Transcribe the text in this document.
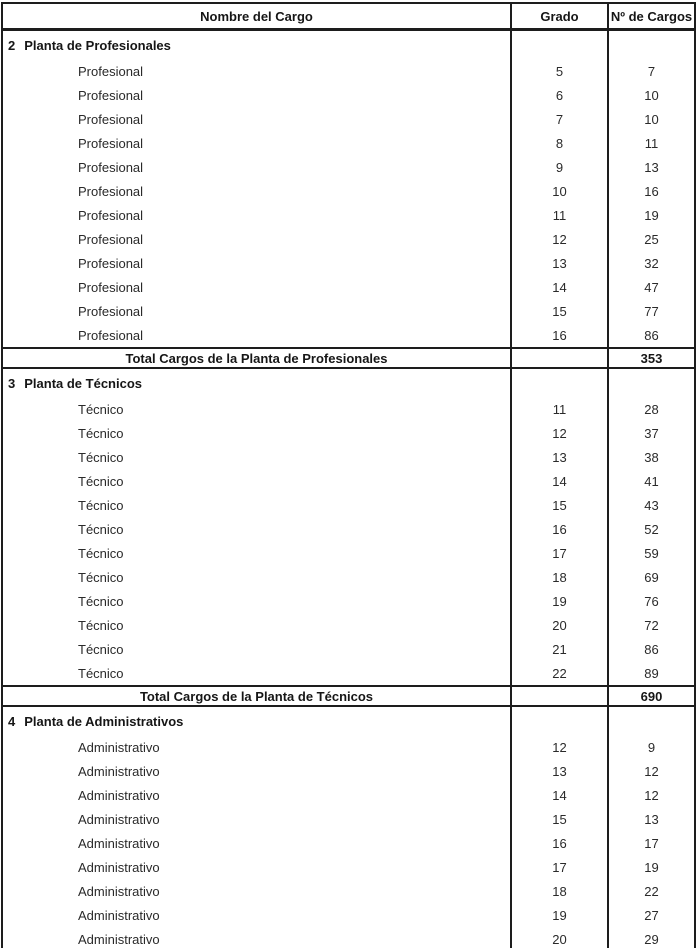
Nombre del Cargo	Grado	Nº de Cargos
2 Planta de Profesionales		
Profesional	5	7
Profesional	6	10
Profesional	7	10
Profesional	8	11
Profesional	9	13
Profesional	10	16
Profesional	11	19
Profesional	12	25
Profesional	13	32
Profesional	14	47
Profesional	15	77
Profesional	16	86
Total Cargos de la Planta de Profesionales		353
3 Planta de Técnicos		
Técnico	11	28
Técnico	12	37
Técnico	13	38
Técnico	14	41
Técnico	15	43
Técnico	16	52
Técnico	17	59
Técnico	18	69
Técnico	19	76
Técnico	20	72
Técnico	21	86
Técnico	22	89
Total Cargos de la Planta de Técnicos		690
4 Planta de Administrativos		
Administrativo	12	9
Administrativo	13	12
Administrativo	14	12
Administrativo	15	13
Administrativo	16	17
Administrativo	17	19
Administrativo	18	22
Administrativo	19	27
Administrativo	20	29
